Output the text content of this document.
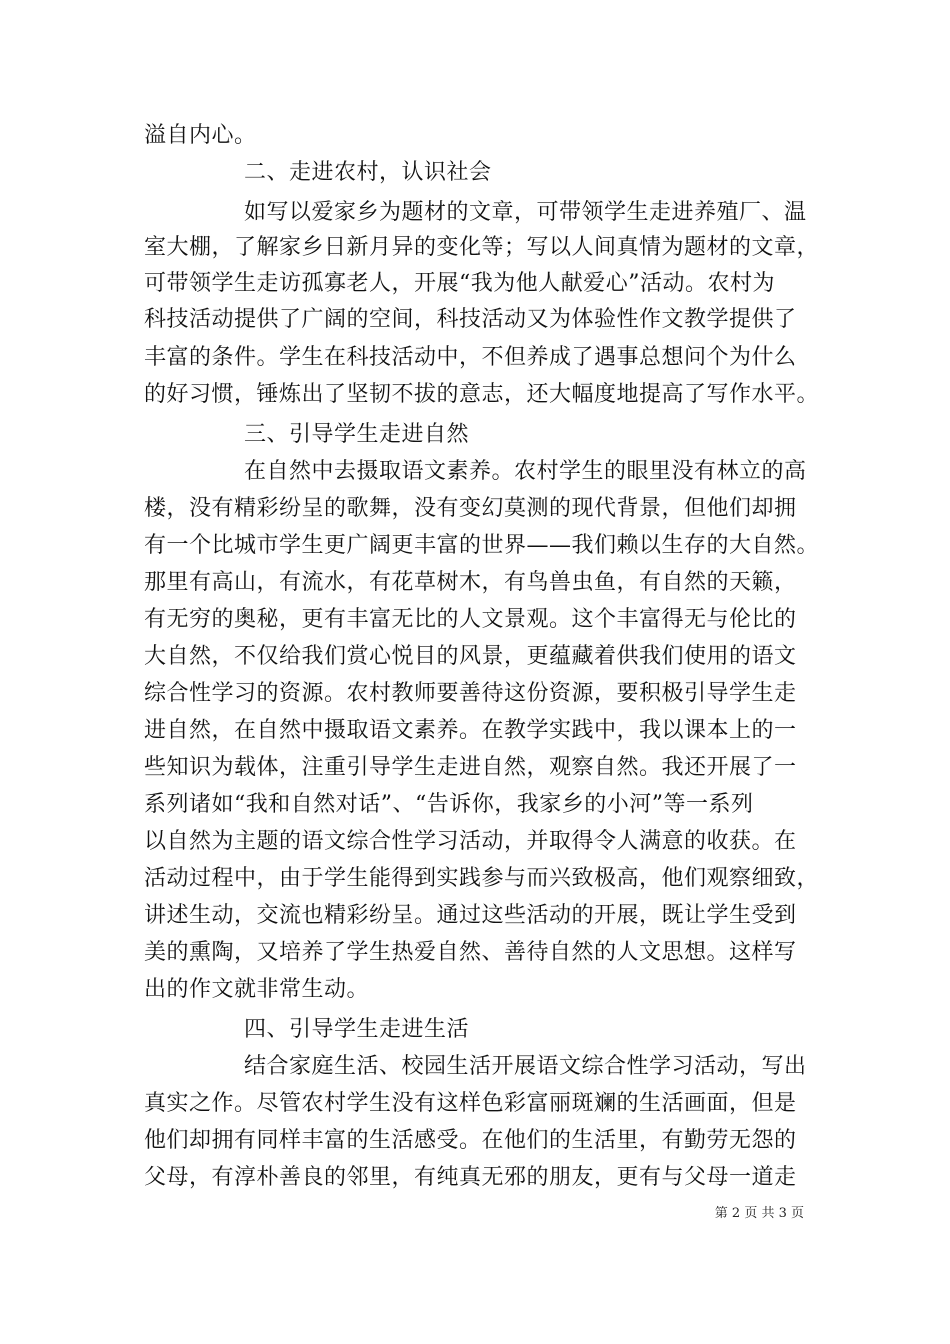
溢自内心。
二、走进农村，认识社会
如写以爱家乡为题材的文章，可带领学生走进养殖厂、温
室大棚，了解家乡日新月异的变化等；写以人间真情为题材的文章，
可带领学生走访孤寡老人，开展“我为他人献爱心”活动。农村为
科技活动提供了广阔的空间，科技活动又为体验性作文教学提供了
丰富的条件。学生在科技活动中，不但养成了遇事总想问个为什么
的好习惯，锤炼出了坚韧不拔的意志，还大幅度地提高了写作水平。
三、引导学生走进自然
在自然中去摄取语文素养。农村学生的眼里没有林立的高
楼，没有精彩纷呈的歌舞，没有变幻莫测的现代背景，但他们却拥
有一个比城市学生更广阔更丰富的世界——我们赖以生存的大自然。
那里有高山，有流水，有花草树木，有鸟兽虫鱼，有自然的天籁，
有无穷的奥秘，更有丰富无比的人文景观。这个丰富得无与伦比的
大自然，不仅给我们赏心悦目的风景，更蕴藏着供我们使用的语文
综合性学习的资源。农村教师要善待这份资源，要积极引导学生走
进自然，在自然中摄取语文素养。在教学实践中，我以课本上的一
些知识为载体，注重引导学生走进自然，观察自然。我还开展了一
系列诸如“我和自然对话”、“告诉你，我家乡的小河”等一系列
以自然为主题的语文综合性学习活动，并取得令人满意的收获。在
活动过程中，由于学生能得到实践参与而兴致极高，他们观察细致，
讲述生动，交流也精彩纷呈。通过这些活动的开展，既让学生受到
美的熏陶，又培养了学生热爱自然、善待自然的人文思想。这样写
出的作文就非常生动。
四、引导学生走进生活
结合家庭生活、校园生活开展语文综合性学习活动，写出
真实之作。尽管农村学生没有这样色彩富丽斑斓的生活画面，但是
他们却拥有同样丰富的生活感受。在他们的生活里，有勤劳无怨的
父母，有淳朴善良的邻里，有纯真无邪的朋友，更有与父母一道走
第 2 页 共 3 页
